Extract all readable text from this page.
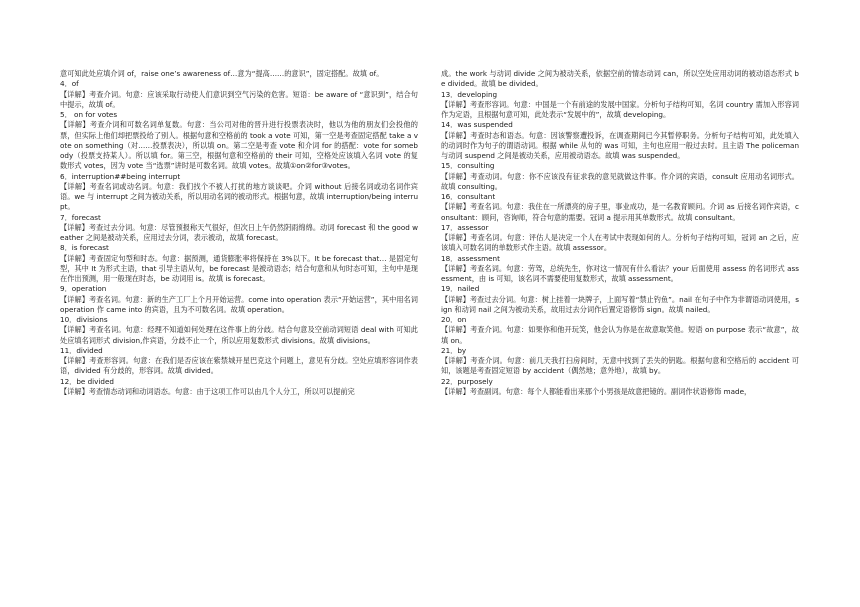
意可知此处应填介词 of，raise one’s awareness of…意为“提高……的意识”，固定搭配。故填 of。

4．of

【详解】考查介词。句意：应该采取行动使人们意识到空气污染的危害。短语：be aware of “意识到”，结合句中提示，故填 of。

5． on for votes

【详解】考查介词和可数名词单复数。句意：当公司对他的晋升进行投票表决时，他以为他的朋友们会投他的票，但实际上他们却把票投给了别人。根据句意和空格前的 took a vote 可知，第一空是考查固定搭配 take a vote on something（对……投票表决），所以填 on。第二空是考查 vote 和介词 for 的搭配：vote for somebody（投票支持某人）。所以填 for。第三空，根据句意和空格前的 their 可知，空格处应该填入名词 vote 的复数形式 votes，因为 vote 当“选票”讲时是可数名词。故填 votes。故填①on②for③votes。

6．interruption##being interrupt

【详解】考查名词或动名词。句意：我们找个不被人打扰的地方谈谈吧。介词 without 后接名词或动名词作宾语。we 与 interrupt 之间为被动关系，所以用动名词的被动形式。根据句意，故填 interruption/being interrupt。

7．forecast

【详解】考查过去分词。句意：尽管预报称天气很好，但次日上午仍然阴雨绵绵。动词 forecast 和 the good weather 之间是被动关系，应用过去分词，表示被动，故填 forecast。

8．is forecast

【详解】考查固定句型和时态。句意：据预测，通货膨胀率将保持在 3%以下。It be forecast that… 是固定句型，其中 It 为形式主语，that 引导主语从句，be forecast 是被动语态；结合句意和从句时态可知，主句中是现在作出预测，用一般现在时态，be 动词用 is。故填 is forecast。

9．operation

【详解】考查名词。句意：新的生产工厂上个月开始运营。come into operation 表示“开始运营”，其中用名词 operation 作 came into 的宾语，且为不可数名词。故填 operation。

10．divisions

【详解】考查名词。句意：经理不知道如何处理在这件事上的分歧。结合句意及空前动词短语 deal with 可知此处应填名词形式 division,作宾语，分歧不止一个，所以应用复数形式 divisions。故填 divisions。

11．divided

【详解】考查形容词。句意：在我们是否应该在紫禁城开星巴克这个问题上，意见有分歧。空处应填形容词作表语，divided 有分歧的，形容词。故填 divided。

12．be divided

【详解】考查情态动词和动词语态。句意：由于这项工作可以由几个人分工，所以可以提前完

成。the work 与动词 divide 之间为被动关系，依据空前的情态动词 can，所以空处应用动词的被动语态形式 be divided。故填 be divided。

13．developing

【详解】考查形容词。句意：中国是一个有前途的发展中国家。分析句子结构可知，名词 country 需加入形容词作为定语，且根据句意可知，此处表示“发展中的”，故填 developing。

14．was suspended

【详解】考查时态和语态。句意：因该警察遭投诉，在调查期间已今其暂停职务。分析句子结构可知，此处填入的动词时作为句子的谓语动词。根据 while 从句的 was 可知，主句也应用一般过去时。且主语 The policeman 与动词 suspend 之间是被动关系，应用被动语态。故填 was suspended。

15．consulting

【详解】考查动词。句意：你不应该没有征求我的意见就做这件事。作介词的宾语，consult 应用动名词形式。故填 consulting。

16．consultant

【详解】考查名词。句意：我住在一所漂亮的房子里，事业成功，是一名教育顾问。介词 as 后接名词作宾语，consultant：顾问，咨询师，符合句意的需要。冠词 a 提示用其单数形式。故填 consultant。

17．assessor

【详解】考查名词。句意：评估人是决定一个人在考试中表现如何的人。分析句子结构可知，冠词 an 之后，应该填入可数名词的单数形式作主语。故填 assessor。

18．assessment

【详解】考查名词。句意：劳驾，总统先生，你对这一情况有什么看法？your 后面使用 assess 的名词形式 assessment，由 is 可知，该名词不需要使用复数形式，故填 assessment。

19．nailed

【详解】考查过去分词。句意：树上挂着一块牌子，上面写着“禁止钓鱼”。nail 在句子中作为非谓语动词使用，sign 和动词 nail 之间为被动关系，故用过去分词作后置定语修饰 sign。故填 nailed。

20．on

【详解】考查介词。句意：如果你和他开玩笑，他会认为你是在故意取笑他。短语 on purpose 表示“故意”，故填 on。

21．by

【详解】考查介词。句意：前几天我打扫房间时，无意中找到了丢失的钥匙。根据句意和空格后的 accident 可知，该题是考查固定短语 by accident（偶然地；意外地），故填 by。

22．purposely

【详解】考查副词。句意：每个人都能看出来那个小男孩是故意把镜的。副词作状语修饰 made，
